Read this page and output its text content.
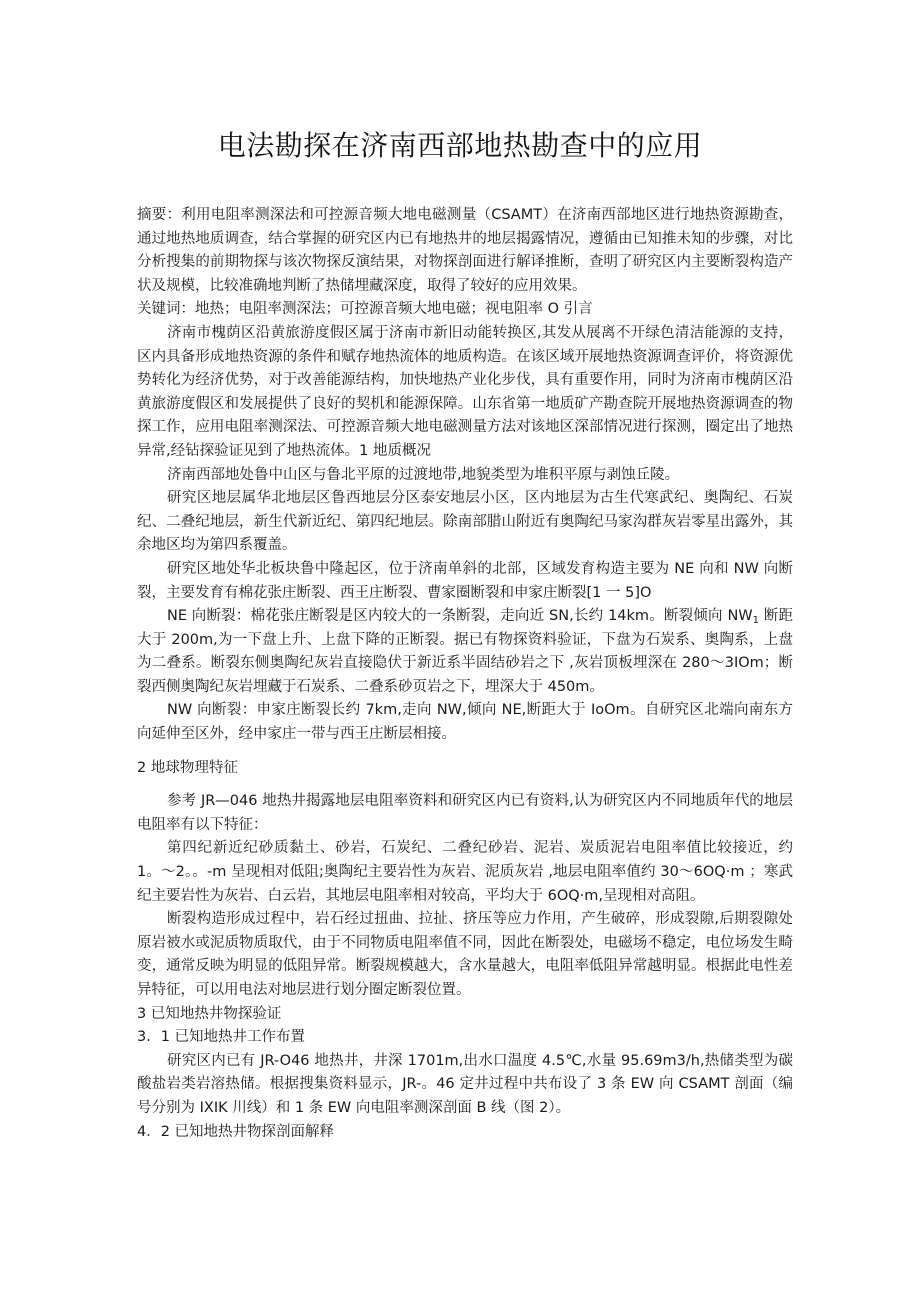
电法勘探在济南西部地热勘查中的应用

摘要：利用电阻率测深法和可控源音频大地电磁测量（CSAMT）在济南西部地区进行地热资源勘查，通过地热地质调查，结合掌握的研究区内已有地热井的地层揭露情况，遵循由已知推未知的步骤，对比分析搜集的前期物探与该次物探反演结果，对物探剖面进行解译推断，查明了研究区内主要断裂构造产状及规模，比较准确地判断了热储埋藏深度，取得了较好的应用效果。

关键词：地热；电阻率测深法；可控源音频大地电磁；视电阻率 O 引言

济南市槐荫区沿黄旅游度假区属于济南市新旧动能转换区,其发从展离不开绿色清洁能源的支持，区内具备形成地热资源的条件和赋存地热流体的地质构造。在该区域开展地热资源调查评价，将资源优势转化为经济优势，对于改善能源结构，加快地热产业化步伐，具有重要作用，同时为济南市槐荫区沿黄旅游度假区和发展提供了良好的契机和能源保障。山东省第一地质矿产勘查院开展地热资源调查的物探工作，应用电阻率测深法、可控源音频大地电磁测量方法对该地区深部情况进行探测，圈定出了地热异常,经钻探验证见到了地热流体。1 地质概况

济南西部地处鲁中山区与鲁北平原的过渡地带,地貌类型为堆积平原与剥蚀丘陵。

研究区地层属华北地层区鲁西地层分区泰安地层小区，区内地层为古生代寒武纪、奥陶纪、石炭纪、二叠纪地层，新生代新近纪、第四纪地层。除南部腊山附近有奥陶纪马家沟群灰岩零星出露外，其余地区均为第四系覆盖。

研究区地处华北板块鲁中隆起区，位于济南单斜的北部，区域发育构造主要为 NE 向和 NW 向断裂，主要发育有棉花张庄断裂、西王庄断裂、曹家圈断裂和申家庄断裂[1 一 5]O

NE 向断裂：棉花张庄断裂是区内较大的一条断裂，走向近 SN,长约 14km。断裂倾向 $NW_1$ 断距大于 200m,为一下盘上升、上盘下降的正断裂。据已有物探资料验证，下盘为石炭系、奥陶系，上盘为二叠系。断裂东侧奥陶纪灰岩直接隐伏于新近系半固结砂岩之下 ,灰岩顶板埋深在 280～3IOm；断裂西侧奥陶纪灰岩埋藏于石炭系、二叠系砂页岩之下，埋深大于 450m。

NW 向断裂：申家庄断裂长约 7km,走向 NW,倾向 NE,断距大于 IoOm。自研究区北端向南东方向延伸至区外，经申家庄一带与西王庄断层相接。

2 地球物理特征

参考 JR—046 地热井揭露地层电阻率资料和研究区内已有资料,认为研究区内不同地质年代的地层电阻率有以下特征：

第四纪新近纪砂质黏土、砂岩，石炭纪、二叠纪砂岩、泥岩、炭质泥岩电阻率值比较接近，约 1。〜2。。-m 呈现相对低阻;奥陶纪主要岩性为灰岩、泥质灰岩 ,地层电阻率值约 30～6OQ·m ；寒武纪主要岩性为灰岩、白云岩，其地层电阻率相对较高，平均大于 6OQ·m,呈现相对高阻。

断裂构造形成过程中，岩石经过扭曲、拉扯、挤压等应力作用，产生破碎，形成裂隙,后期裂隙处原岩被水或泥质物质取代，由于不同物质电阻率值不同，因此在断裂处，电磁场不稳定，电位场发生畸变，通常反映为明显的低阻异常。断裂规模越大，含水量越大，电阻率低阻异常越明显。根据此电性差异特征，可以用电法对地层进行划分圈定断裂位置。

3 已知地热井物探验证

3．1 已知地热井工作布置

研究区内已有 JR-O46 地热井，井深 1701m,出水口温度 4.5℃,水量 95.69m3/h,热储类型为碳酸盐岩类岩溶热储。根据搜集资料显示，JR-。46 定井过程中共布设了 3 条 EW 向 CSAMT 剖面（编号分别为 IXIK 川线）和 1 条 EW 向电阻率测深剖面 B 线（图 2）。

4．2 已知地热井物探剖面解释
